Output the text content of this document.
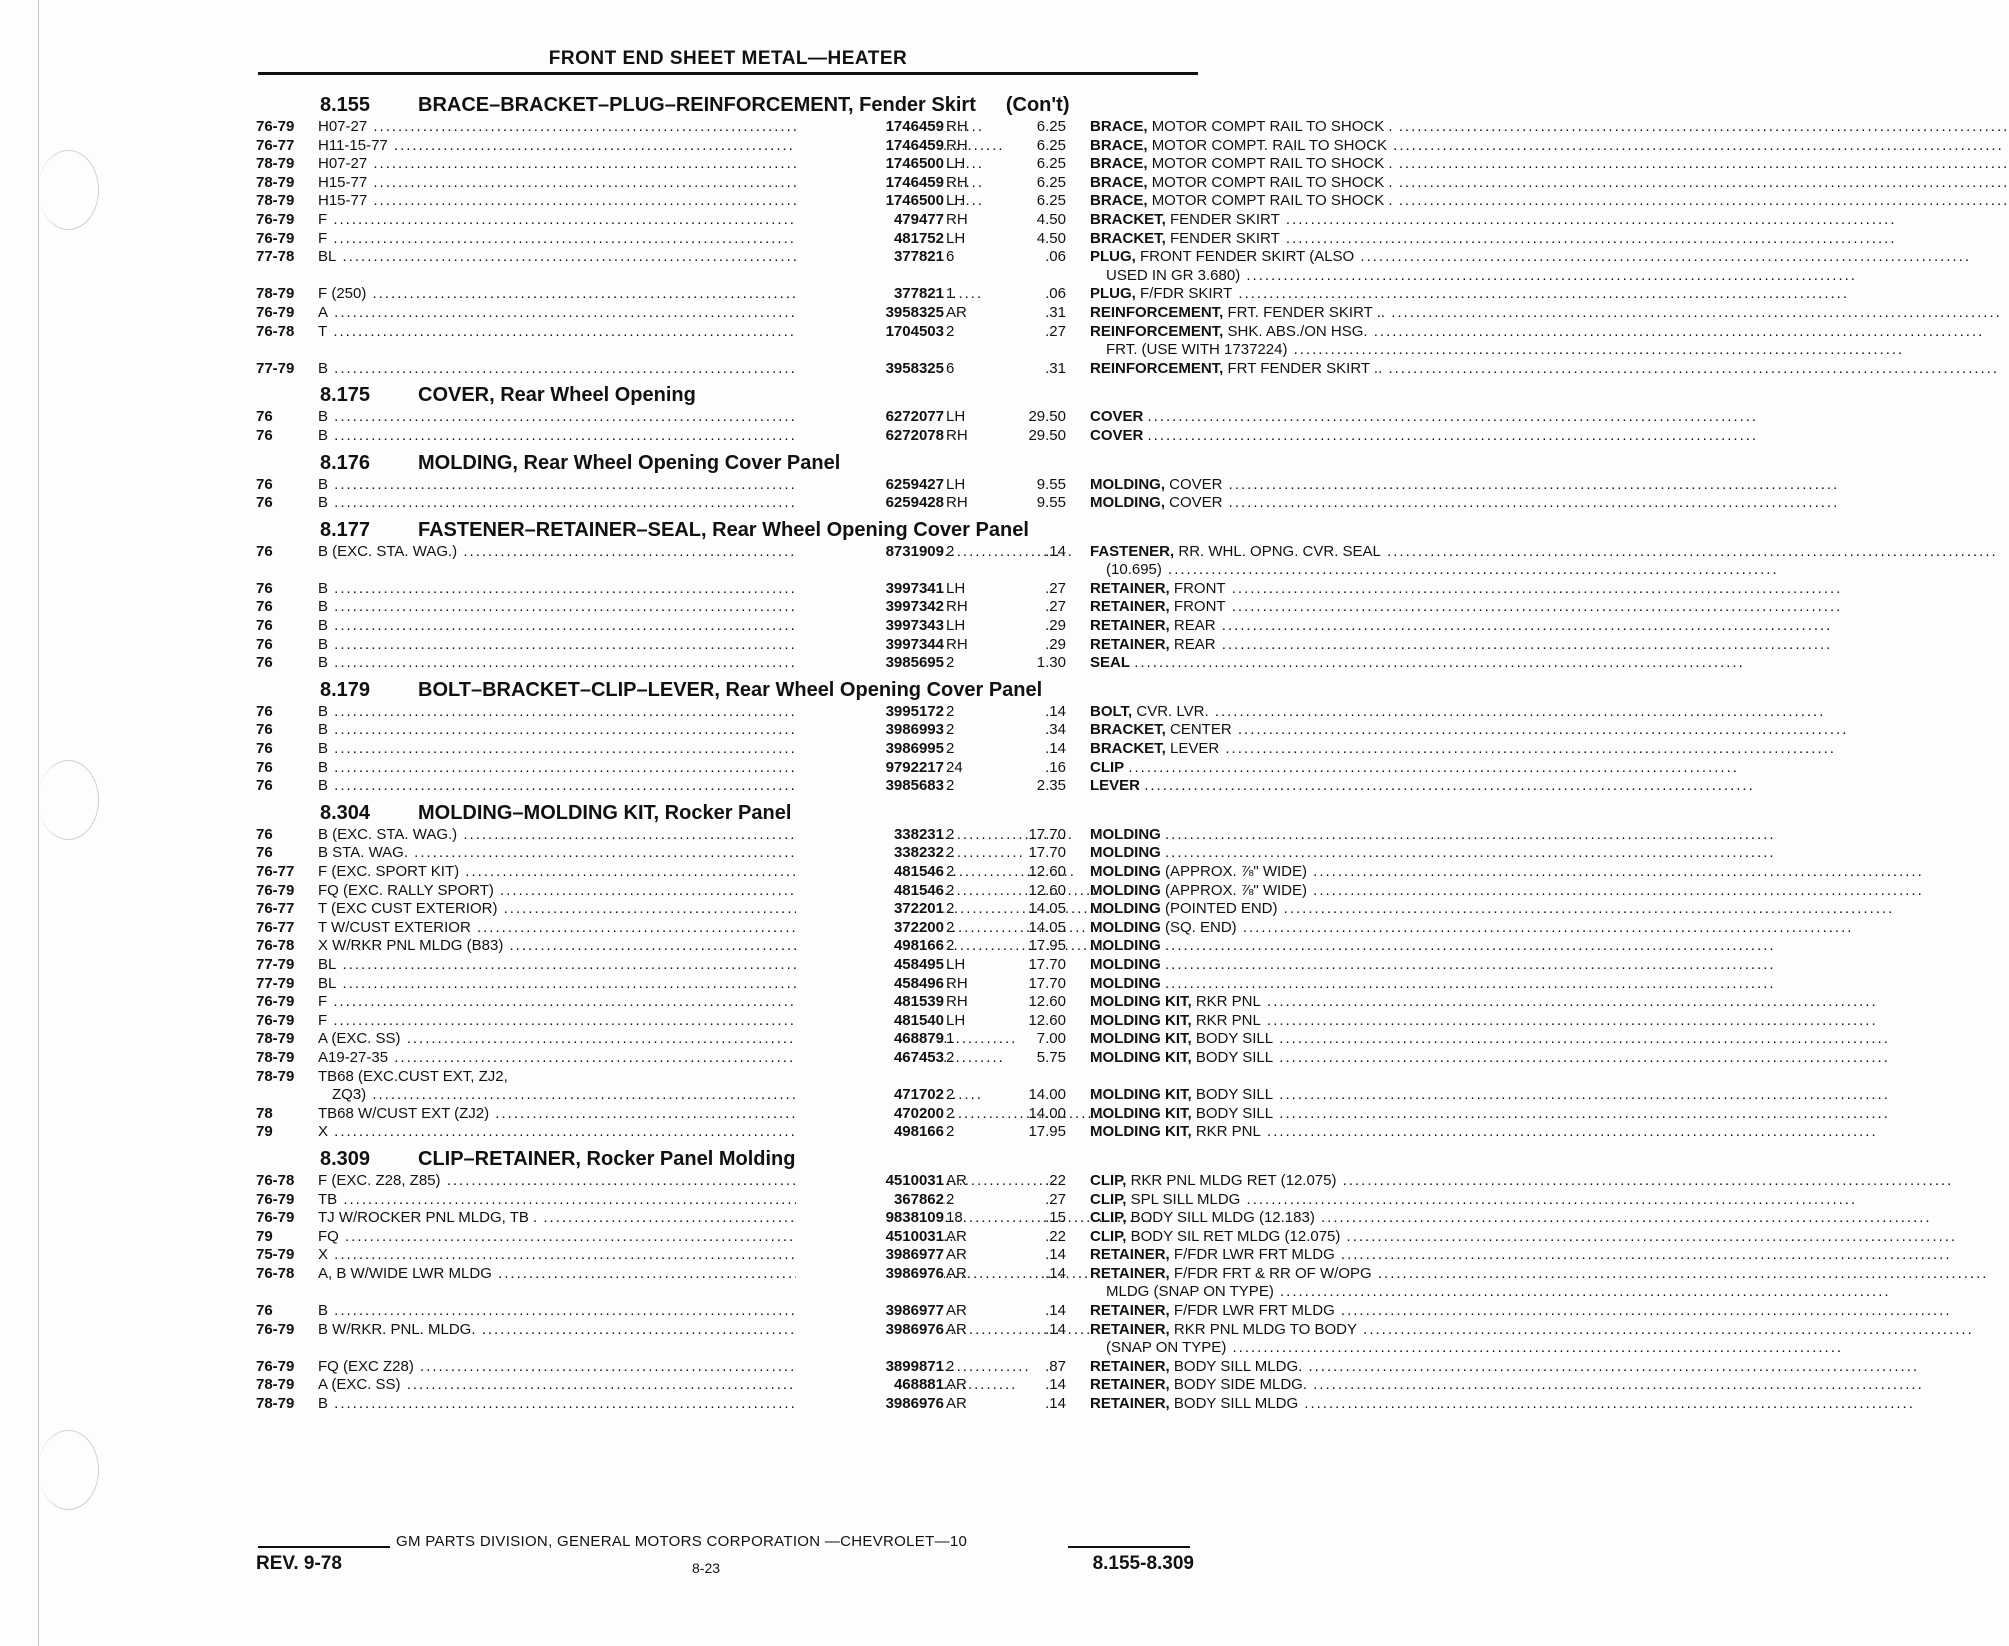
FRONT END SHEET METAL—HEATER
8.155 BRACE–BRACKET–PLUG–REINFORCEMENT, Fender Skirt (Con't)
76-79	H07-27 .....	1746459 RH	6.25 BRACE, MOTOR COMPT RAIL TO SHOCK . .....
76-77	H11-15-77 .....	1746459 RH	6.25 BRACE, MOTOR COMPT. RAIL TO SHOCK .....
78-79	H07-27 .....	1746500 LH	6.25 BRACE, MOTOR COMPT RAIL TO SHOCK . .....
78-79	H15-77 .....	1746459 RH	6.25 BRACE, MOTOR COMPT RAIL TO SHOCK . .....
78-79	H15-77 .....	1746500 LH	6.25 BRACE, MOTOR COMPT RAIL TO SHOCK . .....
76-79	F .....	479477 RH	4.50 BRACKET, FENDER SKIRT .....
76-79	F .....	481752 LH	4.50 BRACKET, FENDER SKIRT .....
77-78	BL .....	377821 6	.06 PLUG, FRONT FENDER SKIRT (ALSO .....
USED IN GR 3.680) .....
78-79	F (250) .....	377821 1	.06 PLUG, F/FDR SKIRT .....
76-79	A .....	3958325 AR	.31 REINFORCEMENT, FRT. FENDER SKIRT .. .....
76-78	T .....	1704503 2	.27 REINFORCEMENT, SHK. ABS./ON HSG. .....
FRT. (USE WITH 1737224) .....
77-79	B .....	3958325 6	.31 REINFORCEMENT, FRT FENDER SKIRT .. .....
8.175 COVER, Rear Wheel Opening
76	B .....	6272077 LH	29.50 COVER .....
76	B .....	6272078 RH	29.50 COVER .....
8.176 MOLDING, Rear Wheel Opening Cover Panel
76	B .....	6259427 LH	9.55 MOLDING, COVER .....
76	B .....	6259428 RH	9.55 MOLDING, COVER .....
8.177 FASTENER–RETAINER–SEAL, Rear Wheel Opening Cover Panel
76	B (EXC. STA. WAG.) .....	8731909 2	.14 FASTENER, RR. WHL. OPNG. CVR. SEAL .....
(10.695) .....
76	B .....	3997341 LH	.27 RETAINER, FRONT .....
76	B .....	3997342 RH	.27 RETAINER, FRONT .....
76	B .....	3997343 LH	.29 RETAINER, REAR .....
76	B .....	3997344 RH	.29 RETAINER, REAR .....
76	B .....	3985695 2	1.30 SEAL .....
8.179 BOLT–BRACKET–CLIP–LEVER, Rear Wheel Opening Cover Panel
76	B .....	3995172 2	.14 BOLT, CVR. LVR. .....
76	B .....	3986993 2	.34 BRACKET, CENTER .....
76	B .....	3986995 2	.14 BRACKET, LEVER .....
76	B .....	9792217 24	.16 CLIP .....
76	B .....	3985683 2	2.35 LEVER .....
8.304 MOLDING–MOLDING KIT, Rocker Panel
76	B (EXC. STA. WAG.) .....	338231 2	17.70 MOLDING .....
76	B STA. WAG. .....	338232 2	17.70 MOLDING .....
76-77	F (EXC. SPORT KIT) .....	481546 2	12.60 MOLDING (APPROX. ⅞" WIDE) .....
76-79	FQ (EXC. RALLY SPORT) .....	481546 2	12.60 MOLDING (APPROX. ⅞" WIDE) .....
76-77	T (EXC CUST EXTERIOR) .....	372201 2	14.05 MOLDING (POINTED END) .....
76-77	T W/CUST EXTERIOR .....	372200 2	14.05 MOLDING (SQ. END) .....
76-78	X W/RKR PNL MLDG (B83) .....	498166 2	17.95 MOLDING .....
77-79	BL .....	458495 LH	17.70 MOLDING .....
77-79	BL .....	458496 RH	17.70 MOLDING .....
76-79	F .....	481539 RH	12.60 MOLDING KIT, RKR PNL .....
76-79	F .....	481540 LH	12.60 MOLDING KIT, RKR PNL .....
78-79	A (EXC. SS) .....	468879 1	7.00 MOLDING KIT, BODY SILL .....
78-79	A19-27-35 .....	467453 2	5.75 MOLDING KIT, BODY SILL .....
78-79	TB68 (EXC.CUST EXT, ZJ2,
ZQ3) .....	471702 2	14.00 MOLDING KIT, BODY SILL .....
78	TB68 W/CUST EXT (ZJ2) .....	470200 2	14.00 MOLDING KIT, BODY SILL .....
79	X .....	498166 2	17.95 MOLDING KIT, RKR PNL .....
8.309 CLIP–RETAINER, Rocker Panel Molding
76-78	F (EXC. Z28, Z85) .....	4510031 AR	.22 CLIP, RKR PNL MLDG RET (12.075) .....
76-79	TB .....	367862 2	.27 CLIP, SPL SILL MLDG .....
76-79	TJ W/ROCKER PNL MLDG, TB . .....	9838109 18	.15 CLIP, BODY SILL MLDG (12.183) .....
79	FQ .....	4510031 AR	.22 CLIP, BODY SIL RET MLDG (12.075) .....
75-79	X .....	3986977 AR	.14 RETAINER, F/FDR LWR FRT MLDG .....
76-78	A, B W/WIDE LWR MLDG .....	3986976 AR	.14 RETAINER, F/FDR FRT & RR OF W/OPG .....
MLDG (SNAP ON TYPE) .....
76	B .....	3986977 AR	.14 RETAINER, F/FDR LWR FRT MLDG .....
76-79	B W/RKR. PNL. MLDG. .....	3986976 AR	.14 RETAINER, RKR PNL MLDG TO BODY .....
(SNAP ON TYPE) .....
76-79	FQ (EXC Z28) .....	3899871 2	.87 RETAINER, BODY SILL MLDG. .....
78-79	A (EXC. SS) .....	468881 AR	.14 RETAINER, BODY SIDE MLDG. .....
78-79	B .....	3986976 AR	.14 RETAINER, BODY SILL MLDG .....
GM PARTS DIVISION, GENERAL MOTORS CORPORATION —CHEVROLET—10
REV. 9-78	8-23	8.155-8.309
